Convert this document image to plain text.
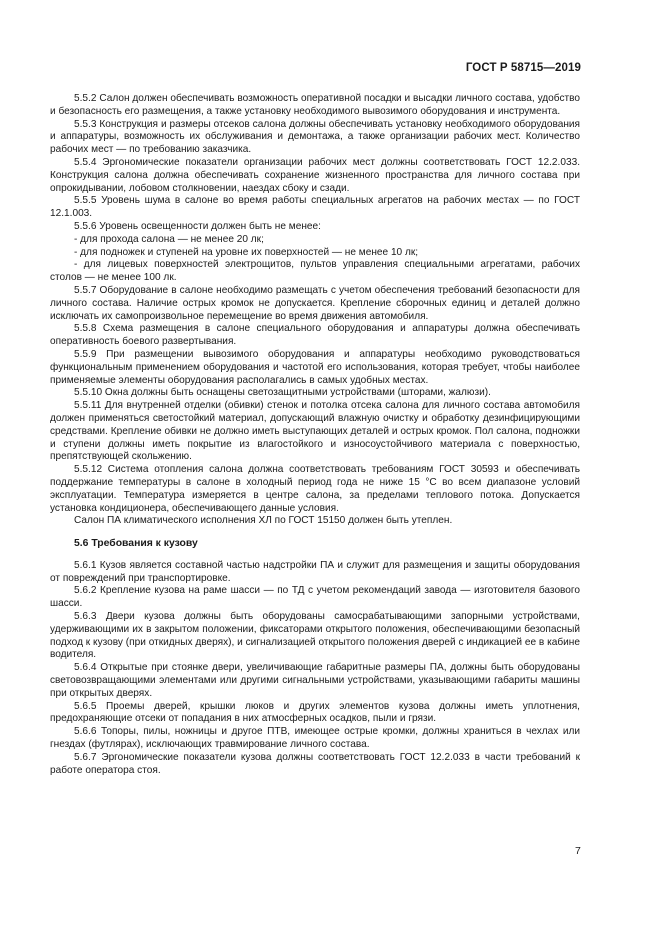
ГОСТ Р 58715—2019

5.5.2 Салон должен обеспечивать возможность оперативной посадки и высадки личного состава, удобство и безопасность его размещения, а также установку необходимого вывозимого оборудования и инструмента.

5.5.3 Конструкция и размеры отсеков салона должны обеспечивать установку необходимого оборудования и аппаратуры, возможность их обслуживания и демонтажа, а также организации рабочих мест. Количество рабочих мест — по требованию заказчика.

5.5.4 Эргономические показатели организации рабочих мест должны соответствовать ГОСТ 12.2.033. Конструкция салона должна обеспечивать сохранение жизненного пространства для личного состава при опрокидывании, лобовом столкновении, наездах сбоку и сзади.

5.5.5 Уровень шума в салоне во время работы специальных агрегатов на рабочих местах — по ГОСТ 12.1.003.

5.5.6 Уровень освещенности должен быть не менее:

- для прохода салона — не менее 20 лк;

- для подножек и ступеней на уровне их поверхностей — не менее 10 лк;

- для лицевых поверхностей электрощитов, пультов управления специальными агрегатами, рабочих столов — не менее 100 лк.

5.5.7 Оборудование в салоне необходимо размещать с учетом обеспечения требований безопасности для личного состава. Наличие острых кромок не допускается. Крепление сборочных единиц и деталей должно исключать их самопроизвольное перемещение во время движения автомобиля.

5.5.8 Схема размещения в салоне специального оборудования и аппаратуры должна обеспечивать оперативность боевого развертывания.

5.5.9 При размещении вывозимого оборудования и аппаратуры необходимо руководствоваться функциональным применением оборудования и частотой его использования, которая требует, чтобы наиболее применяемые элементы оборудования располагались в самых удобных местах.

5.5.10 Окна должны быть оснащены светозащитными устройствами (шторами, жалюзи).

5.5.11 Для внутренней отделки (обивки) стенок и потолка отсека салона для личного состава автомобиля должен применяться светостойкий материал, допускающий влажную очистку и обработку дезинфицирующими средствами. Крепление обивки не должно иметь выступающих деталей и острых кромок. Пол салона, подножки и ступени должны иметь покрытие из влагостойкого и износоустойчивого материала с поверхностью, препятствующей скольжению.

5.5.12 Система отопления салона должна соответствовать требованиям ГОСТ 30593 и обеспечивать поддержание температуры в салоне в холодный период года не ниже 15 °С во всем диапазоне условий эксплуатации. Температура измеряется в центре салона, за пределами теплового потока. Допускается установка кондиционера, обеспечивающего данные условия.

Салон ПА климатического исполнения ХЛ по ГОСТ 15150 должен быть утеплен.

5.6 Требования к кузову

5.6.1 Кузов является составной частью надстройки ПА и служит для размещения и защиты оборудования от повреждений при транспортировке.

5.6.2 Крепление кузова на раме шасси — по ТД с учетом рекомендаций завода — изготовителя базового шасси.

5.6.3 Двери кузова должны быть оборудованы самосрабатывающими запорными устройствами, удерживающими их в закрытом положении, фиксаторами открытого положения, обеспечивающими безопасный подход к кузову (при откидных дверях), и сигнализацией открытого положения дверей с индикацией ее в кабине водителя.

5.6.4 Открытые при стоянке двери, увеличивающие габаритные размеры ПА, должны быть оборудованы световозвращающими элементами или другими сигнальными устройствами, указывающими габариты машины при открытых дверях.

5.6.5 Проемы дверей, крышки люков и других элементов кузова должны иметь уплотнения, предохраняющие отсеки от попадания в них атмосферных осадков, пыли и грязи.

5.6.6 Топоры, пилы, ножницы и другое ПТВ, имеющее острые кромки, должны храниться в чехлах или гнездах (футлярах), исключающих травмирование личного состава.

5.6.7 Эргономические показатели кузова должны соответствовать ГОСТ 12.2.033 в части требований к работе оператора стоя.

7
